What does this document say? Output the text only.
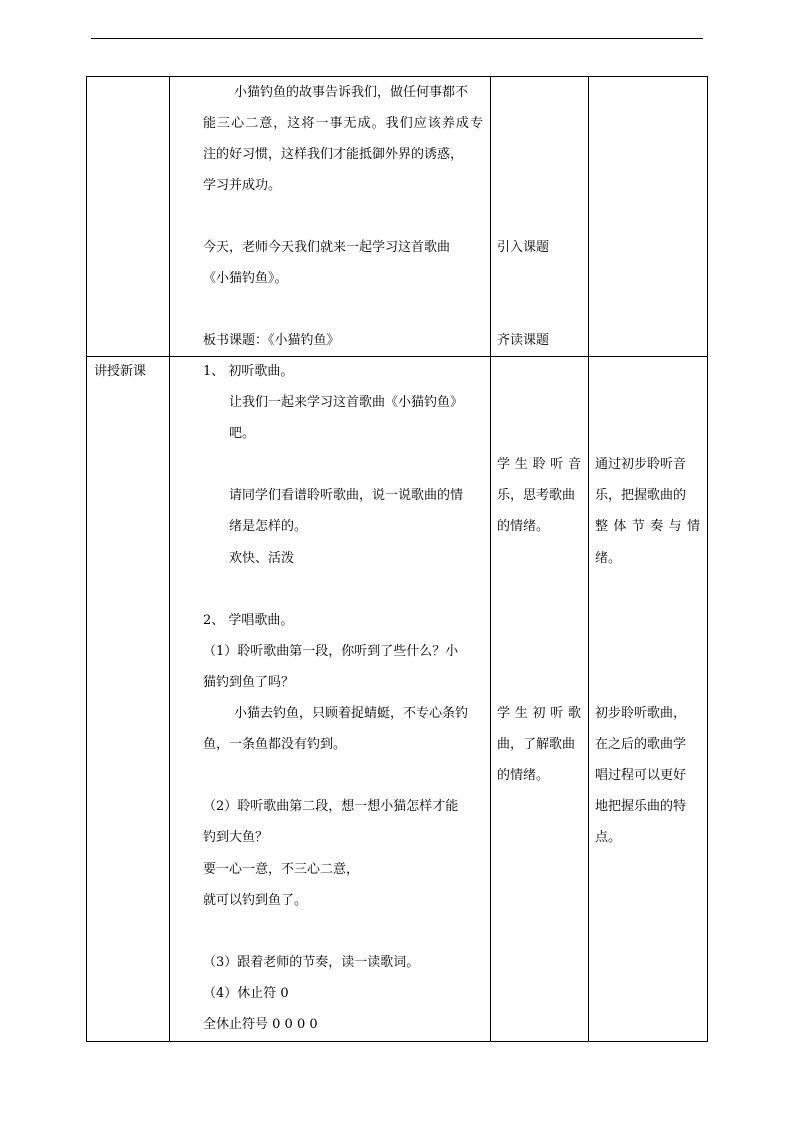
小猫钓鱼的故事告诉我们，做任何事都不
能三心二意，这将一事无成。我们应该养成专
注的好习惯，这样我们才能抵御外界的诱惑，
学习并成功。
今天，老师今天我们就来一起学习这首歌曲
《小猫钓鱼》。
板书课题：《小猫钓鱼》
引入课题
齐读课题
讲授新课	1、 初听歌曲。
让我们一起来学习这首歌曲《小猫钓鱼》
吧。
请同学们看谱聆听歌曲，说一说歌曲的情
绪是怎样的。
欢快、活泼
2、 学唱歌曲。
（1）聆听歌曲第一段，你听到了些什么？小
猫钓到鱼了吗？
小猫去钓鱼，只顾着捉蜻蜓，不专心条钓
鱼，一条鱼都没有钓到。
（2）聆听歌曲第二段，想一想小猫怎样才能
钓到大鱼？
要一心一意，不三心二意，
就可以钓到鱼了。
（3）跟着老师的节奏，读一读歌词。
（4）休止符 0
全休止符号 0 0 0 0
学生聆听音
乐，思考歌曲
的情绪。
学生初听歌
曲，了解歌曲
的情绪。
通过初步聆听音
乐，把握歌曲的
整体节奏与情
绪。
初步聆听歌曲，
在之后的歌曲学
唱过程可以更好
地把握乐曲的特
点。
